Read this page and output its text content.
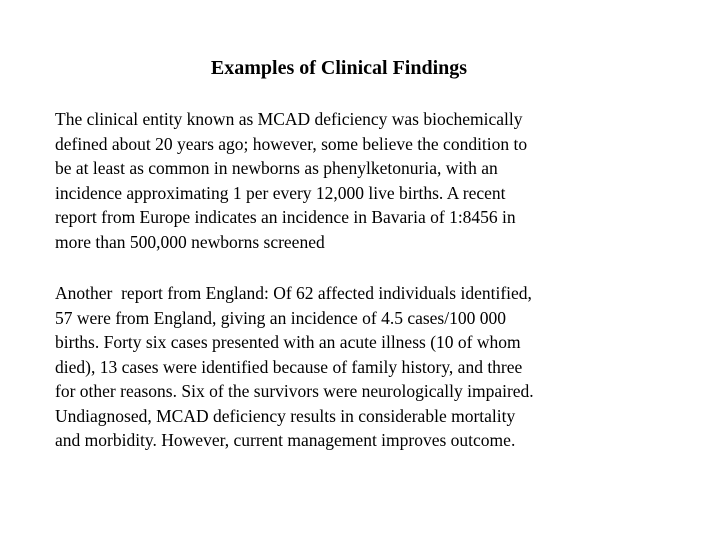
Examples of Clinical Findings

The clinical entity known as MCAD deficiency was biochemically
defined about 20 years ago; however, some believe the condition to
be at least as common in newborns as phenylketonuria, with an
incidence approximating 1 per every 12,000 live births. A recent
report from Europe indicates an incidence in Bavaria of 1:8456 in
more than 500,000 newborns screened

Another  report from England: Of 62 affected individuals identified,
57 were from England, giving an incidence of 4.5 cases/100 000
births. Forty six cases presented with an acute illness (10 of whom
died), 13 cases were identified because of family history, and three
for other reasons. Six of the survivors were neurologically impaired.
Undiagnosed, MCAD deficiency results in considerable mortality
and morbidity. However, current management improves outcome.
